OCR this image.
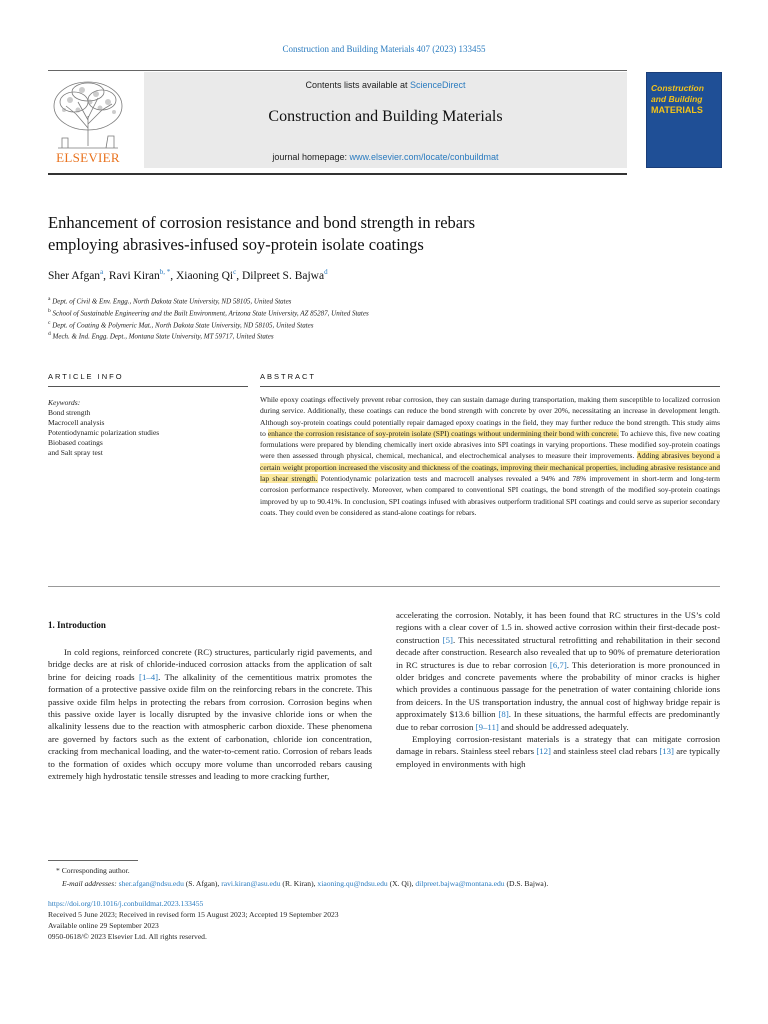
Construction and Building Materials 407 (2023) 133455
ELSEVIER
Contents lists available at ScienceDirect
Construction and Building Materials
journal homepage: www.elsevier.com/locate/conbuildmat
Construction
and Building
MATERIALS
Enhancement of corrosion resistance and bond strength in rebars
employing abrasives-infused soy-protein isolate coatings
Sher Afgan$^a$, Ravi Kiran$^{b, *}$, Xiaoning Qi$^c$, Dilpreet S. Bajwa$^d$
$^a$ Dept. of Civil & Env. Engg., North Dakota State University, ND 58105, United States
$^b$ School of Sustainable Engineering and the Built Environment, Arizona State University, AZ 85287, United States
$^c$ Dept. of Coating & Polymeric Mat., North Dakota State University, ND 58105, United States
$^d$ Mech. & Ind. Engg. Dept., Montana State University, MT 59717, United States
ARTICLE INFO	ABSTRACT
Keywords:
Bond strength
Macrocell analysis
Potentiodynamic polarization studies
Biobased coatings
and Salt spray test
While epoxy coatings effectively prevent rebar corrosion, they can sustain damage during transportation, making them susceptible to localized corrosion during service. Additionally, these coatings can reduce the bond strength with concrete by over 20%, necessitating an increase in development length. Although soy-protein coatings could potentially repair damaged epoxy coatings in the field, they may further reduce the bond strength. This study aims to enhance the corrosion resistance of soy-protein isolate (SPI) coatings without undermining their bond with concrete. To achieve this, five new coating formulations were prepared by blending chemically inert oxide abrasives into SPI coatings in varying proportions. These modified soy-protein coatings were then assessed through physical, chemical, mechanical, and electrochemical analyses to measure their improvements. Adding abrasives beyond a certain weight proportion increased the viscosity and thickness of the coatings, improving their mechanical properties, including abrasive resistance and lap shear strength. Potentiodynamic polarization tests and macrocell analyses revealed a 94% and 78% improvement in short-term and long-term corrosion performance respectively. Moreover, when compared to conventional SPI coatings, the bond strength of the modified soy-protein coatings improved by up to 90.41%. In conclusion, SPI coatings infused with abrasives outperform traditional SPI coatings and could serve as superior secondary coats. They could even be considered as stand-alone coatings for rebars.
1. Introduction

In cold regions, reinforced concrete (RC) structures, particularly rigid pavements, and bridge decks are at risk of chloride-induced corrosion attacks from the application of salt brine for deicing roads [1–4]. The alkalinity of the cementitious matrix promotes the formation of a protective passive oxide film on the reinforcing rebars in the concrete. This passive oxide film helps in protecting the rebars from corrosion. Corrosion begins when this passive oxide layer is locally disrupted by the invasive chloride ions or when the alkalinity lessens due to the reaction with atmospheric carbon dioxide. These phenomena are governed by factors such as the extent of carbonation, chloride ion concentration, cracking from mechanical loading, and the water-to-cement ratio. Corrosion of rebars leads to the formation of oxides which occupy more volume than uncorroded rebars causing extremely high hydrostatic tensile stresses and leading to more cracking further,

accelerating the corrosion. Notably, it has been found that RC structures in the US’s cold regions with a clear cover of 1.5 in. showed active corrosion within their first-decade post-construction [5]. This necessitated structural retrofitting and rehabilitation in their second decade after construction. Research also revealed that up to 90% of premature deterioration in RC structures is due to rebar corrosion [6,7]. This deterioration is more pronounced in older bridges and concrete pavements where the probability of minor cracks is higher which provides a continuous passage for the penetration of water containing chloride ions from deicers. In the US transportation industry, the annual cost of highway bridge repair is approximately $13.6 billion [8]. In these situations, the harmful effects are predominantly due to rebar corrosion [9–11] and should be addressed adequately.

Employing corrosion-resistant materials is a strategy that can mitigate corrosion damage in rebars. Stainless steel rebars [12] and stainless steel clad rebars [13] are typically employed in environments with high

* Corresponding author.
E-mail addresses: sher.afgan@ndsu.edu (S. Afgan), ravi.kiran@asu.edu (R. Kiran), xiaoning.qu@ndsu.edu (X. Qi), dilpreet.bajwa@montana.edu (D.S. Bajwa).
https://doi.org/10.1016/j.conbuildmat.2023.133455
Received 5 June 2023; Received in revised form 15 August 2023; Accepted 19 September 2023
Available online 29 September 2023
0950-0618/© 2023 Elsevier Ltd. All rights reserved.
